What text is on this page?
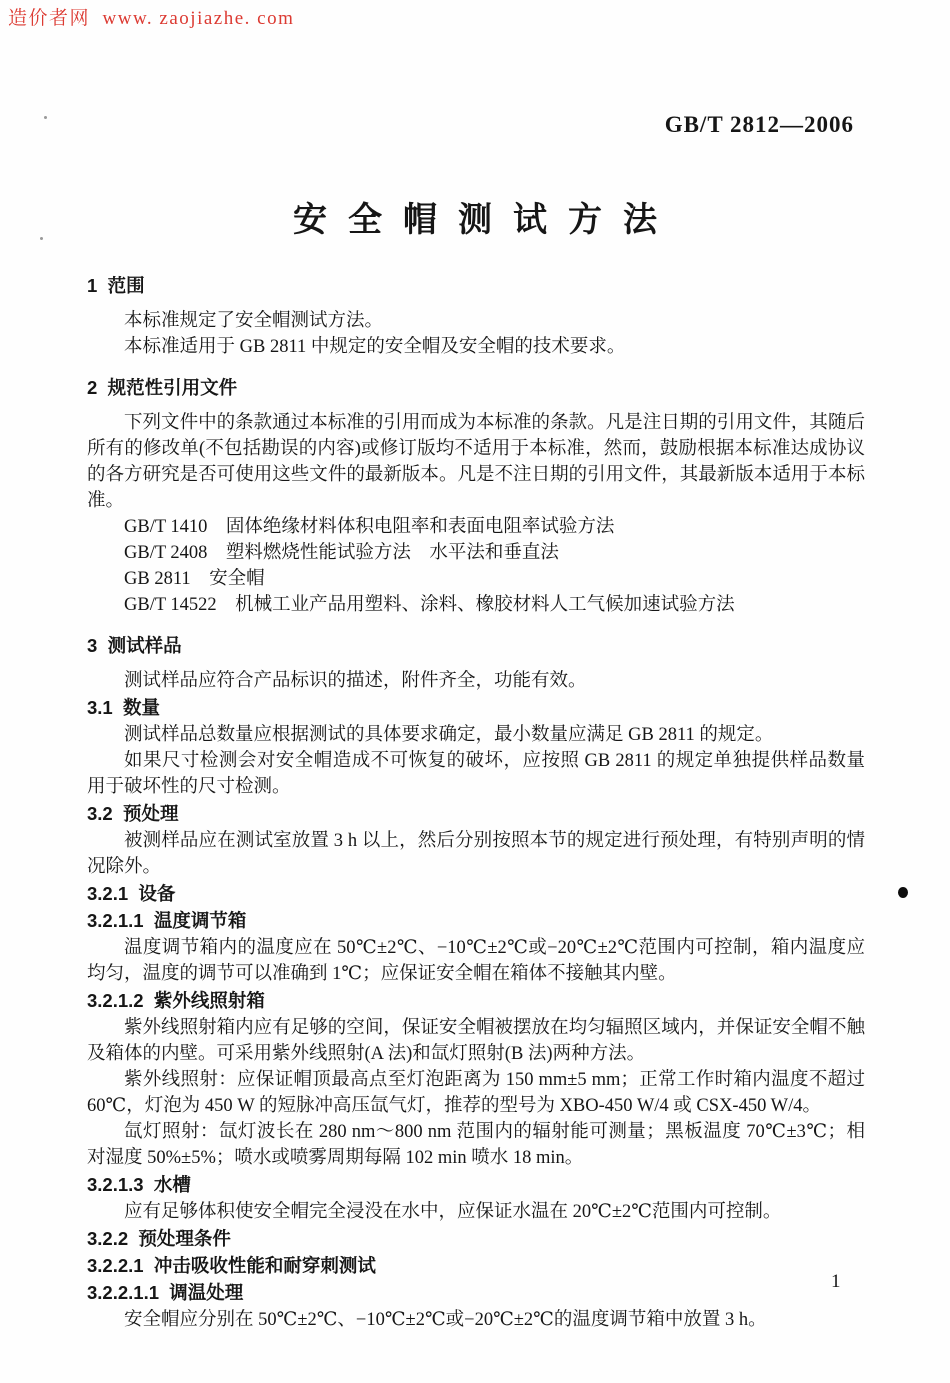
造价者网  www. zaojiazhe. com
GB/T 2812—2006
安全帽测试方法
1  范围
本标准规定了安全帽测试方法。
本标准适用于 GB 2811 中规定的安全帽及安全帽的技术要求。
2  规范性引用文件
下列文件中的条款通过本标准的引用而成为本标准的条款。凡是注日期的引用文件，其随后所有的修改单(不包括勘误的内容)或修订版均不适用于本标准，然而，鼓励根据本标准达成协议的各方研究是否可使用这些文件的最新版本。凡是不注日期的引用文件，其最新版本适用于本标准。
GB/T 1410　固体绝缘材料体积电阻率和表面电阻率试验方法
GB/T 2408　塑料燃烧性能试验方法　水平法和垂直法
GB 2811　安全帽
GB/T 14522　机械工业产品用塑料、涂料、橡胶材料人工气候加速试验方法
3  测试样品
测试样品应符合产品标识的描述，附件齐全，功能有效。
3.1  数量
测试样品总数量应根据测试的具体要求确定，最小数量应满足 GB 2811 的规定。
如果尺寸检测会对安全帽造成不可恢复的破坏，应按照 GB 2811 的规定单独提供样品数量用于破坏性的尺寸检测。
3.2  预处理
被测样品应在测试室放置 3 h 以上，然后分别按照本节的规定进行预处理，有特别声明的情况除外。
3.2.1  设备
3.2.1.1  温度调节箱
温度调节箱内的温度应在 50℃±2℃、−10℃±2℃或−20℃±2℃范围内可控制，箱内温度应均匀，温度的调节可以准确到 1℃；应保证安全帽在箱体不接触其内壁。
3.2.1.2  紫外线照射箱
紫外线照射箱内应有足够的空间，保证安全帽被摆放在均匀辐照区域内，并保证安全帽不触及箱体的内壁。可采用紫外线照射(A 法)和氙灯照射(B 法)两种方法。
紫外线照射：应保证帽顶最高点至灯泡距离为 150 mm±5 mm；正常工作时箱内温度不超过 60℃，灯泡为 450 W 的短脉冲高压氙气灯，推荐的型号为 XBO-450 W/4 或 CSX-450 W/4。
氙灯照射：氙灯波长在 280 nm～800 nm 范围内的辐射能可测量；黑板温度 70℃±3℃；相对湿度 50%±5%；喷水或喷雾周期每隔 102 min 喷水 18 min。
3.2.1.3  水槽
应有足够体积使安全帽完全浸没在水中，应保证水温在 20℃±2℃范围内可控制。
3.2.2  预处理条件
3.2.2.1  冲击吸收性能和耐穿刺测试
3.2.2.1.1  调温处理
安全帽应分别在 50℃±2℃、−10℃±2℃或−20℃±2℃的温度调节箱中放置 3 h。
1
